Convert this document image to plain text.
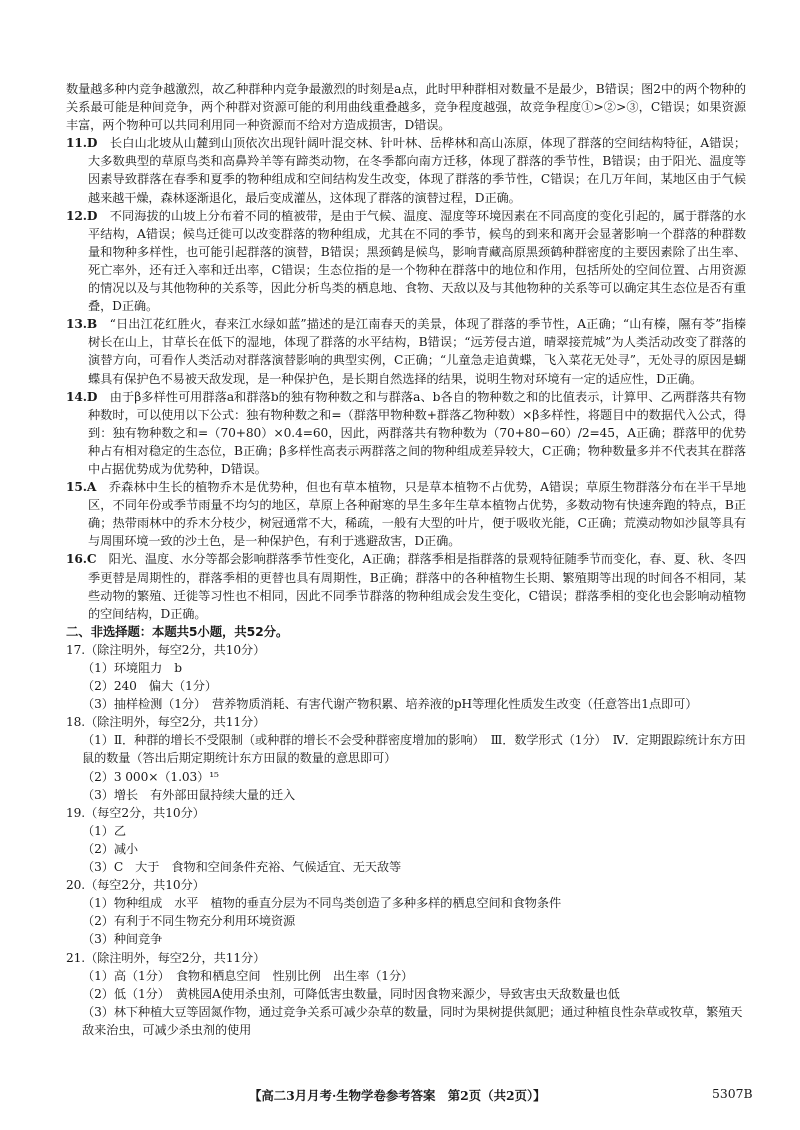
数量越多种内竞争越激烈，故乙种群种内竞争最激烈的时刻是a点，此时甲种群相对数量不是最少，B错误；图2中的两个物种的关系最可能是种间竞争，两个种群对资源可能的利用曲线重叠越多，竞争程度越强，故竞争程度①>②>③，C错误；如果资源丰富，两个物种可以共同利用同一种资源而不给对方造成损害，D错误。

11.D　 长白山北坡从山麓到山顶依次出现针阔叶混交林、针叶林、岳桦林和高山冻原，体现了群落的空间结构特征，A错误；大多数典型的草原鸟类和高鼻羚羊等有蹄类动物，在冬季都向南方迁移，体现了群落的季节性，B错误；由于阳光、温度等因素导致群落在春季和夏季的物种组成和空间结构发生改变，体现了群落的季节性，C错误；在几万年间，某地区由于气候越来越干燥，森林逐渐退化，最后变成灌丛，这体现了群落的演替过程，D正确。

12.D　 不同海拔的山坡上分布着不同的植被带，是由于气候、温度、湿度等环境因素在不同高度的变化引起的，属于群落的水平结构，A错误；候鸟迁徙可以改变群落的物种组成，尤其在不同的季节，候鸟的到来和离开会显著影响一个群落的种群数量和物种多样性，也可能引起群落的演替，B错误；黑颈鹤是候鸟，影响青藏高原黑颈鹤种群密度的主要因素除了出生率、死亡率外，还有迁入率和迁出率，C错误；生态位指的是一个物种在群落中的地位和作用，包括所处的空间位置、占用资源的情况以及与其他物种的关系等，因此分析鸟类的栖息地、食物、天敌以及与其他物种的关系等可以确定其生态位是否有重叠，D正确。

13.B　 “日出江花红胜火，春来江水绿如蓝”描述的是江南春天的美景，体现了群落的季节性，A正确；“山有榛，隰有苓”指榛树长在山上，甘草长在低下的湿地，体现了群落的水平结构，B错误；“远芳侵古道，晴翠接荒城”为人类活动改变了群落的演替方向，可看作人类活动对群落演替影响的典型实例，C正确；“儿童急走追黄蝶，飞入菜花无处寻”，无处寻的原因是蝴蝶具有保护色不易被天敌发现，是一种保护色，是长期自然选择的结果，说明生物对环境有一定的适应性，D正确。

14.D　 由于β多样性可用群落a和群落b的独有物种数之和与群落a、b各自的物种数之和的比值表示，计算甲、乙两群落共有物种数时，可以使用以下公式：独有物种数之和=（群落甲物种数+群落乙物种数）×β多样性，将题目中的数据代入公式，得到：独有物种数之和=（70+80）×0.4=60，因此，两群落共有物种数为（70+80−60）/2=45，A正确；群落甲的优势种占有相对稳定的生态位，B正确；β多样性高表示两群落之间的物种组成差异较大，C正确；物种数量多并不代表其在群落中占据优势成为优势种，D错误。

15.A　 乔森林中生长的植物乔木是优势种，但也有草本植物，只是草本植物不占优势，A错误；草原生物群落分布在半干旱地区，不同年份或季节雨量不均匀的地区，草原上各种耐寒的旱生多年生草本植物占优势，多数动物有快速奔跑的特点，B正确；热带雨林中的乔木分枝少，树冠通常不大，稀疏，一般有大型的叶片，便于吸收光能，C正确；荒漠动物如沙鼠等具有与周围环境一致的沙土色，是一种保护色，有利于逃避敌害，D正确。

16.C　 阳光、温度、水分等都会影响群落季节性变化，A正确；群落季相是指群落的景观特征随季节而变化，春、夏、秋、冬四季更替是周期性的，群落季相的更替也具有周期性，B正确；群落中的各种植物生长期、繁殖期等出现的时间各不相同，某些动物的繁殖、迁徙等习性也不相同，因此不同季节群落的物种组成会发生变化，C错误；群落季相的变化也会影响动植物的空间结构，D正确。

二、非选择题：本题共5小题，共52分。

17.（除注明外，每空2分，共10分）

（1）环境阻力　b

（2）240　偏大（1分）

（3）抽样检测（1分）　营养物质消耗、有害代谢产物积累、培养液的pH等理化性质发生改变（任意答出1点即可）

18.（除注明外，每空2分，共11分）

（1）Ⅱ．种群的增长不受限制（或种群的增长不会受种群密度增加的影响）　Ⅲ．数学形式（1分）　Ⅳ．定期跟踪统计东方田鼠的数量（答出后期定期统计东方田鼠的数量的意思即可）

（2）3 000×（1.03）¹⁵

（3）增长　有外部田鼠持续大量的迁入

19.（每空2分，共10分）

（1）乙

（2）减小

（3）C　大于　食物和空间条件充裕、气候适宜、无天敌等

20.（每空2分，共10分）

（1）物种组成　水平　植物的垂直分层为不同鸟类创造了多种多样的栖息空间和食物条件

（2）有利于不同生物充分利用环境资源

（3）种间竞争

21.（除注明外，每空2分，共11分）

（1）高（1分）　食物和栖息空间　性别比例　出生率（1分）

（2）低（1分）　黄桃园A使用杀虫剂，可降低害虫数量，同时因食物来源少，导致害虫天敌数量也低

（3）林下种植大豆等固氮作物，通过竞争关系可减少杂草的数量，同时为果树提供氮肥；通过种植良性杂草或牧草，繁殖天敌来治虫，可减少杀虫剂的使用

【高二3月月考·生物学卷参考答案　第2页（共2页）】	5307B
